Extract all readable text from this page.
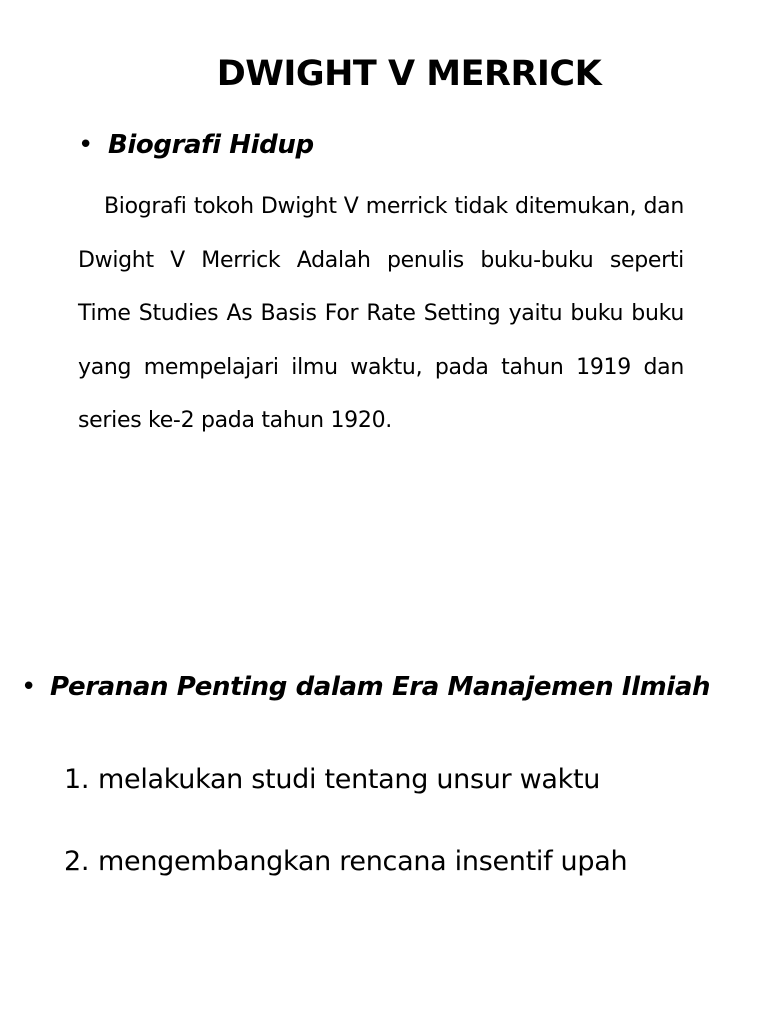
DWIGHT V MERRICK
• Biografi Hidup

Biografi tokoh Dwight V merrick tidak ditemukan, dan Dwight V Merrick Adalah penulis buku-buku seperti Time Studies As Basis For Rate Setting yaitu buku buku yang mempelajari ilmu waktu, pada tahun 1919 dan series ke-2 pada tahun 1920.

• Peranan Penting dalam Era Manajemen Ilmiah
1. melakukan studi tentang unsur waktu
2. mengembangkan rencana insentif upah
